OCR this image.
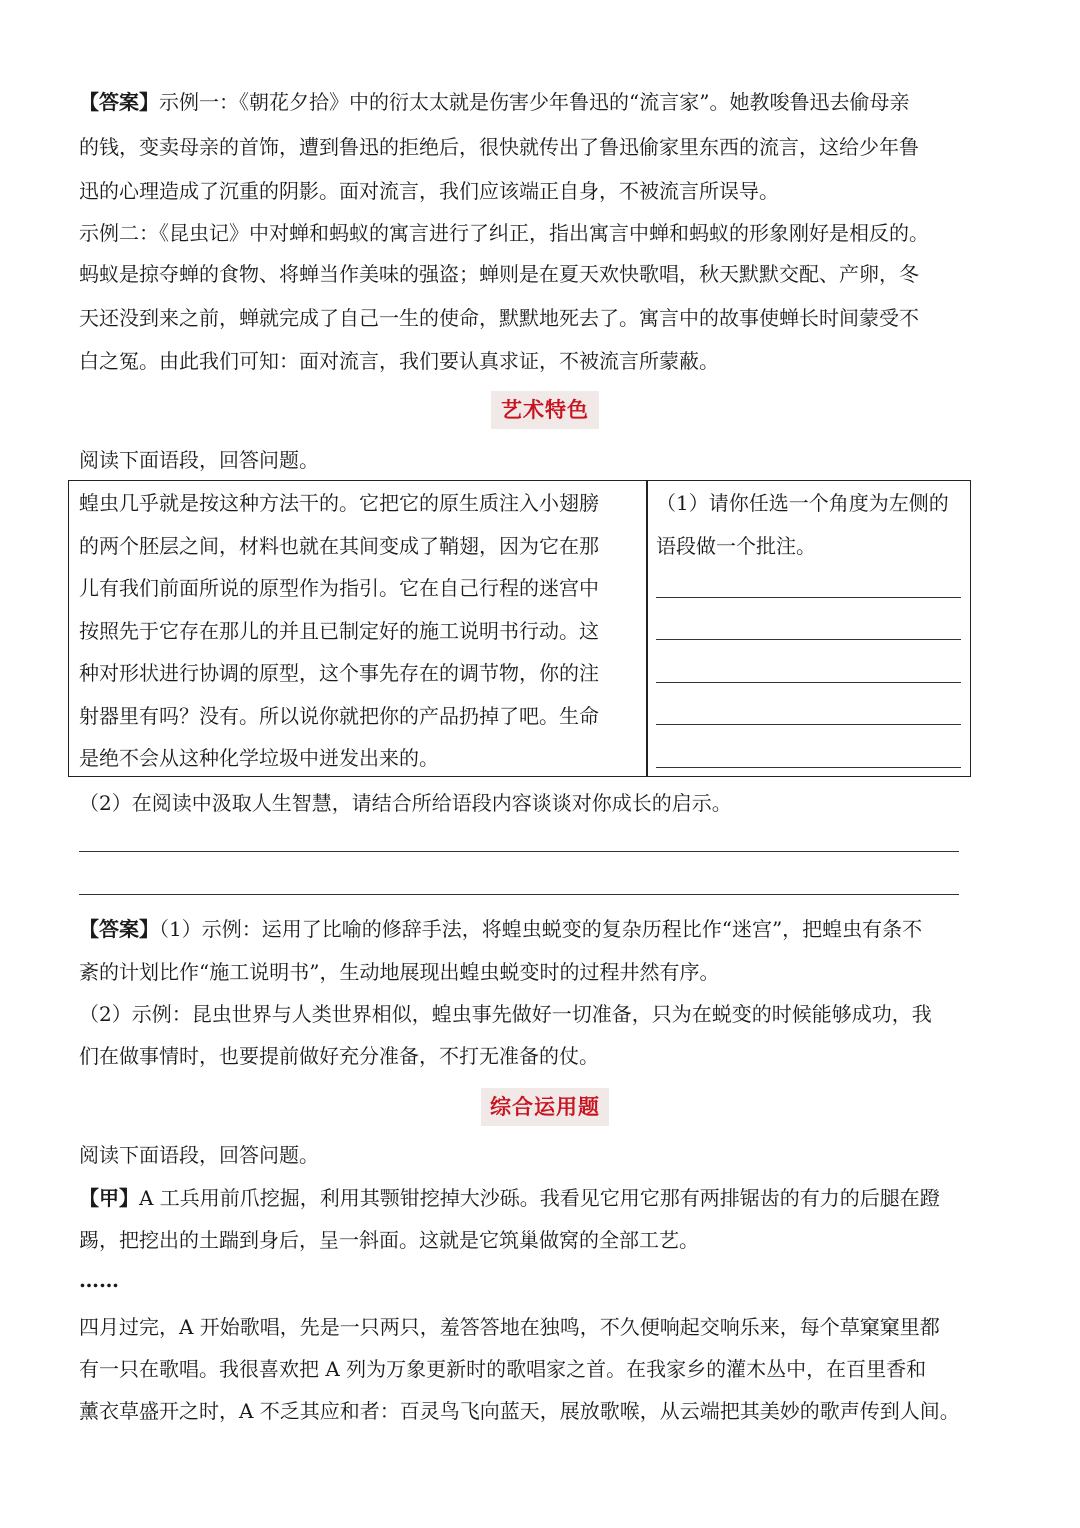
【答案】示例一：《朝花夕拾》中的衍太太就是伤害少年鲁迅的“流言家”。她教唆鲁迅去偷母亲
的钱，变卖母亲的首饰，遭到鲁迅的拒绝后，很快就传出了鲁迅偷家里东西的流言，这给少年鲁
迅的心理造成了沉重的阴影。面对流言，我们应该端正自身，不被流言所误导。
示例二：《昆虫记》中对蝉和蚂蚁的寓言进行了纠正，指出寓言中蝉和蚂蚁的形象刚好是相反的。
蚂蚁是掠夺蝉的食物、将蝉当作美味的强盗；蝉则是在夏天欢快歌唱，秋天默默交配、产卵，冬
天还没到来之前，蝉就完成了自己一生的使命，默默地死去了。寓言中的故事使蝉长时间蒙受不
白之冤。由此我们可知：面对流言，我们要认真求证，不被流言所蒙蔽。
艺术特色
阅读下面语段，回答问题。
蝗虫几乎就是按这种方法干的。它把它的原生质注入小翅膀
的两个胚层之间，材料也就在其间变成了鞘翅，因为它在那
儿有我们前面所说的原型作为指引。它在自己行程的迷宫中
按照先于它存在那儿的并且已制定好的施工说明书行动。这
种对形状进行协调的原型，这个事先存在的调节物，你的注
射器里有吗？没有。所以说你就把你的产品扔掉了吧。生命
是绝不会从这种化学垃圾中迸发出来的。
（1）请你任选一个角度为左侧的
语段做一个批注。
（2）在阅读中汲取人生智慧，请结合所给语段内容谈谈对你成长的启示。
【答案】（1）示例：运用了比喻的修辞手法，将蝗虫蜕变的复杂历程比作“迷宫”，把蝗虫有条不
紊的计划比作“施工说明书”，生动地展现出蝗虫蜕变时的过程井然有序。
（2）示例：昆虫世界与人类世界相似，蝗虫事先做好一切准备，只为在蜕变的时候能够成功，我
们在做事情时，也要提前做好充分准备，不打无准备的仗。
综合运用题
阅读下面语段，回答问题。
【甲】A 工兵用前爪挖掘，利用其颚钳挖掉大沙砾。我看见它用它那有两排锯齿的有力的后腿在蹬
踢，把挖出的土踹到身后，呈一斜面。这就是它筑巢做窝的全部工艺。
……
四月过完，A 开始歌唱，先是一只两只，羞答答地在独鸣，不久便响起交响乐来，每个草窠窠里都
有一只在歌唱。我很喜欢把 A 列为万象更新时的歌唱家之首。在我家乡的灌木丛中，在百里香和
薰衣草盛开之时，A 不乏其应和者：百灵鸟飞向蓝天，展放歌喉，从云端把其美妙的歌声传到人间。
